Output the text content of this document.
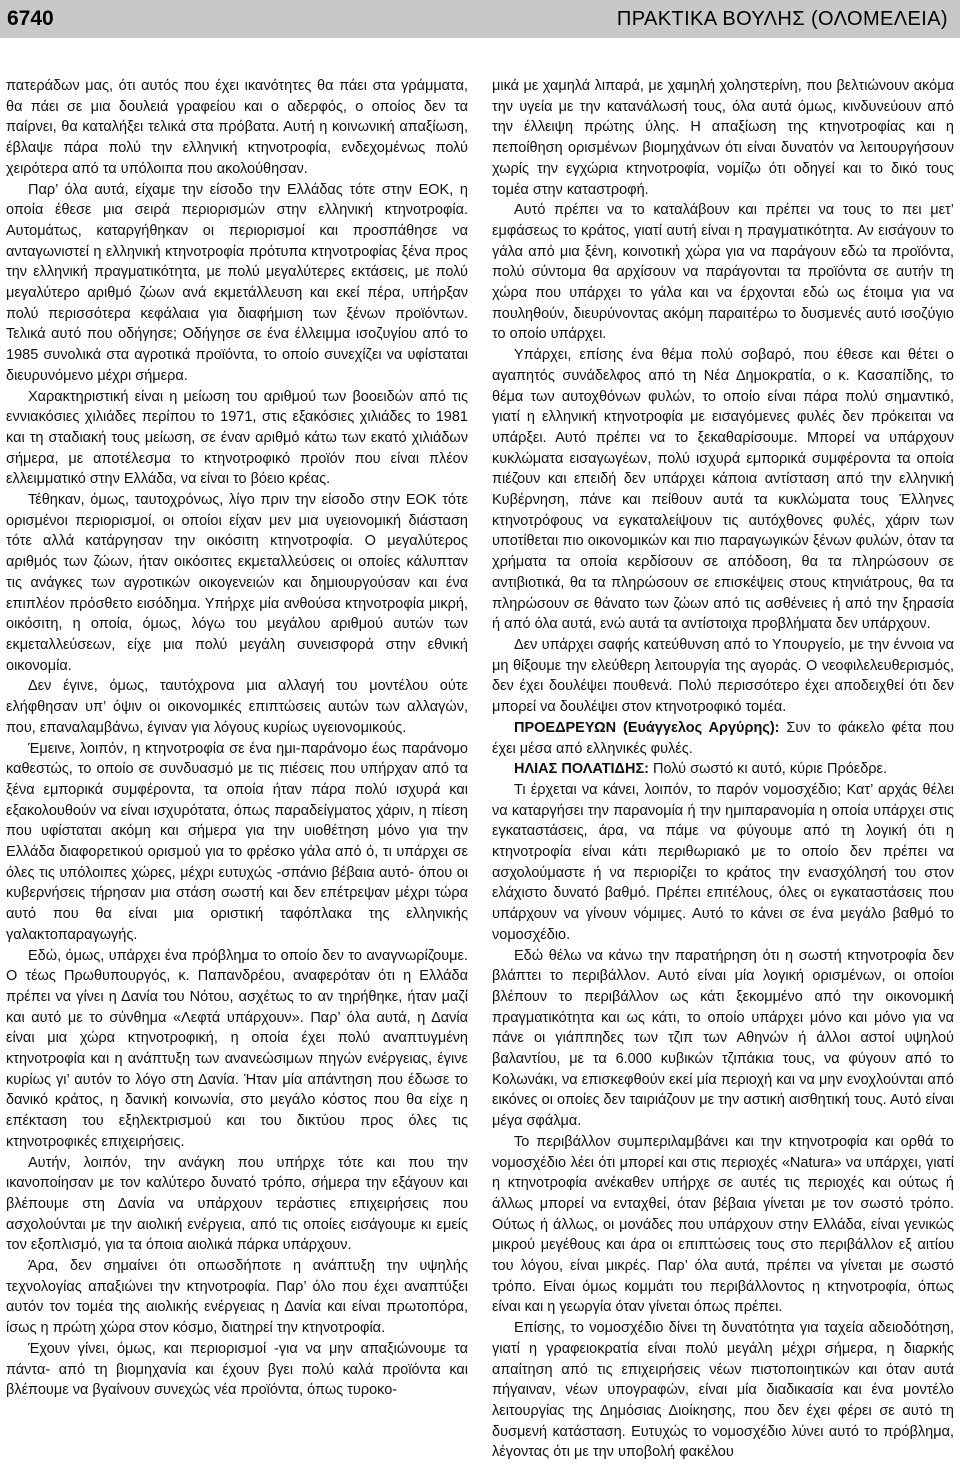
6740	ΠΡΑΚΤΙΚΑ ΒΟΥΛΗΣ (ΟΛΟΜΕΛΕΙΑ)

πατεράδων μας, ότι αυτός που έχει ικανότητες θα πάει στα γράμματα, θα πάει σε μια δουλειά γραφείου και ο αδερφός, ο οποίος δεν τα παίρνει, θα καταλήξει τελικά στα πρόβατα. Αυτή η κοινωνική απαξίωση, έβλαψε πάρα πολύ την ελληνική κτηνοτροφία, ενδεχομένως πολύ χειρότερα από τα υπόλοιπα που ακολούθησαν.

Παρ’ όλα αυτά, είχαμε την είσοδο την Ελλάδας τότε στην ΕΟΚ, η οποία έθεσε μια σειρά περιορισμών στην ελληνική κτηνοτροφία. Αυτομάτως, καταργήθηκαν οι περιορισμοί και προσπάθησε να ανταγωνιστεί η ελληνική κτηνοτροφία πρότυπα κτηνοτροφίας ξένα προς την ελληνική πραγματικότητα, με πολύ μεγαλύτερες εκτάσεις, με πολύ μεγαλύτερο αριθμό ζώων ανά εκμετάλλευση και εκεί πέρα, υπήρξαν πολύ περισσότερα κεφάλαια για διαφήμιση των ξένων προϊόντων. Τελικά αυτό που οδήγησε; Οδήγησε σε ένα έλλειμμα ισοζυγίου από το 1985 συνολικά στα αγροτικά προϊόντα, το οποίο συνεχίζει να υφίσταται διευρυνόμενο μέχρι σήμερα.

Χαρακτηριστική είναι η μείωση του αριθμού των βοοειδών από τις εννιακόσιες χιλιάδες περίπου το 1971, στις εξακόσιες χιλιάδες το 1981 και τη σταδιακή τους μείωση, σε έναν αριθμό κάτω των εκατό χιλιάδων σήμερα, με αποτέλεσμα το κτηνοτροφικό προϊόν που είναι πλέον ελλειμματικό στην Ελλάδα, να είναι το βόειο κρέας.

Τέθηκαν, όμως, ταυτοχρόνως, λίγο πριν την είσοδο στην ΕΟΚ τότε ορισμένοι περιορισμοί, οι οποίοι είχαν μεν μια υγειονομική διάσταση τότε αλλά κατάργησαν την οικόσιτη κτηνοτροφία. Ο μεγαλύτερος αριθμός των ζώων, ήταν οικόσιτες εκμεταλλεύσεις οι οποίες κάλυπταν τις ανάγκες των αγροτικών οικογενειών και δημιουργούσαν και ένα επιπλέον πρόσθετο εισόδημα. Υπήρχε μία ανθούσα κτηνοτροφία μικρή, οικόσιτη, η οποία, όμως, λόγω του μεγάλου αριθμού αυτών των εκμεταλλεύσεων, είχε μια πολύ μεγάλη συνεισφορά στην εθνική οικονομία.

Δεν έγινε, όμως, ταυτόχρονα μια αλλαγή του μοντέλου ούτε ελήφθησαν υπ’ όψιν οι οικονομικές επιπτώσεις αυτών των αλλαγών, που, επαναλαμβάνω, έγιναν για λόγους κυρίως υγειονομικούς.

Έμεινε, λοιπόν, η κτηνοτροφία σε ένα ημι-παράνομο έως παράνομο καθεστώς, το οποίο σε συνδυασμό με τις πιέσεις που υπήρχαν από τα ξένα εμπορικά συμφέροντα, τα οποία ήταν πάρα πολύ ισχυρά και εξακολουθούν να είναι ισχυρότατα, όπως παραδείγματος χάριν, η πίεση που υφίσταται ακόμη και σήμερα για την υιοθέτηση μόνο για την Ελλάδα διαφορετικού ορισμού για το φρέσκο γάλα από ό, τι υπάρχει σε όλες τις υπόλοιπες χώρες, μέχρι ευτυχώς -σπάνιο βέβαια αυτό- όπου οι κυβερνήσεις τήρησαν μια στάση σωστή και δεν επέτρεψαν μέχρι τώρα αυτό που θα είναι μια οριστική ταφόπλακα της ελληνικής γαλακτοπαραγωγής.

Εδώ, όμως, υπάρχει ένα πρόβλημα το οποίο δεν το αναγνωρίζουμε. Ο τέως Πρωθυπουργός, κ. Παπανδρέου, αναφερόταν ότι η Ελλάδα πρέπει να γίνει η Δανία του Νότου, ασχέτως το αν τηρήθηκε, ήταν μαζί και αυτό με το σύνθημα «Λεφτά υπάρχουν». Παρ’ όλα αυτά, η Δανία είναι μια χώρα κτηνοτροφική, η οποία έχει πολύ αναπτυγμένη κτηνοτροφία και η ανάπτυξη των ανανεώσιμων πηγών ενέργειας, έγινε κυρίως γι’ αυτόν το λόγο στη Δανία. Ήταν μία απάντηση που έδωσε το δανικό κράτος, η δανική κοινωνία, στο μεγάλο κόστος που θα είχε η επέκταση του εξηλεκτρισμού και του δικτύου προς όλες τις κτηνοτροφικές επιχειρήσεις.

Αυτήν, λοιπόν, την ανάγκη που υπήρχε τότε και που την ικανοποίησαν με τον καλύτερο δυνατό τρόπο, σήμερα την εξάγουν και βλέπουμε στη Δανία να υπάρχουν τεράστιες επιχειρήσεις που ασχολούνται με την αιολική ενέργεια, από τις οποίες εισάγουμε κι εμείς τον εξοπλισμό, για τα όποια αιολικά πάρκα υπάρχουν.

Άρα, δεν σημαίνει ότι οπωσδήποτε η ανάπτυξη την υψηλής τεχνολογίας απαξιώνει την κτηνοτροφία. Παρ’ όλο που έχει αναπτύξει αυτόν τον τομέα της αιολικής ενέργειας η Δανία και είναι πρωτοπόρα, ίσως η πρώτη χώρα στον κόσμο, διατηρεί την κτηνοτροφία.

Έχουν γίνει, όμως, και περιορισμοί -για να μην απαξιώνουμε τα πάντα- από τη βιομηχανία και έχουν βγει πολύ καλά προϊόντα και βλέπουμε να βγαίνουν συνεχώς νέα προϊόντα, όπως τυροκο-

μικά με χαμηλά λιπαρά, με χαμηλή χοληστερίνη, που βελτιώνουν ακόμα την υγεία με την κατανάλωσή τους, όλα αυτά όμως, κινδυνεύουν από την έλλειψη πρώτης ύλης. Η απαξίωση της κτηνοτροφίας και η πεποίθηση ορισμένων βιομηχάνων ότι είναι δυνατόν να λειτουργήσουν χωρίς την εγχώρια κτηνοτροφία, νομίζω ότι οδηγεί και το δικό τους τομέα στην καταστροφή.

Αυτό πρέπει να το καταλάβουν και πρέπει να τους το πει μετ’ εμφάσεως το κράτος, γιατί αυτή είναι η πραγματικότητα. Αν εισάγουν το γάλα από μια ξένη, κοινοτική χώρα για να παράγουν εδώ τα προϊόντα, πολύ σύντομα θα αρχίσουν να παράγονται τα προϊόντα σε αυτήν τη χώρα που υπάρχει το γάλα και να έρχονται εδώ ως έτοιμα για να πουληθούν, διευρύνοντας ακόμη παραιτέρω το δυσμενές αυτό ισοζύγιο το οποίο υπάρχει.

Υπάρχει, επίσης ένα θέμα πολύ σοβαρό, που έθεσε και θέτει ο αγαπητός συνάδελφος από τη Νέα Δημοκρατία, ο κ. Κασαπίδης, το θέμα των αυτοχθόνων φυλών, το οποίο είναι πάρα πολύ σημαντικό, γιατί η ελληνική κτηνοτροφία με εισαγόμενες φυλές δεν πρόκειται να υπάρξει. Αυτό πρέπει να το ξεκαθαρίσουμε. Μπορεί να υπάρχουν κυκλώματα εισαγωγέων, πολύ ισχυρά εμπορικά συμφέροντα τα οποία πιέζουν και επειδή δεν υπάρχει κάποια αντίσταση από την ελληνική Κυβέρνηση, πάνε και πείθουν αυτά τα κυκλώματα τους Έλληνες κτηνοτρόφους να εγκαταλείψουν τις αυτόχθονες φυλές, χάριν των υποτίθεται πιο οικονομικών και πιο παραγωγικών ξένων φυλών, όταν τα χρήματα τα οποία κερδίσουν σε απόδοση, θα τα πληρώσουν σε αντιβιοτικά, θα τα πληρώσουν σε επισκέψεις στους κτηνιάτρους, θα τα πληρώσουν σε θάνατο των ζώων από τις ασθένειες ή από την ξηρασία ή από όλα αυτά, ενώ αυτά τα αντίστοιχα προβλήματα δεν υπάρχουν.

Δεν υπάρχει σαφής κατεύθυνση από το Υπουργείο, με την έννοια να μη θίξουμε την ελεύθερη λειτουργία της αγοράς. Ο νεοφιλελευθερισμός, δεν έχει δουλέψει πουθενά. Πολύ περισσότερο έχει αποδειχθεί ότι δεν μπορεί να δουλέψει στον κτηνοτροφικό τομέα.

ΠΡΟΕΔΡΕΥΩΝ (Ευάγγελος Αργύρης): Συν το φάκελο φέτα που έχει μέσα από ελληνικές φυλές.

ΗΛΙΑΣ ΠΟΛΑΤΙΔΗΣ: Πολύ σωστό κι αυτό, κύριε Πρόεδρε.

Τι έρχεται να κάνει, λοιπόν, το παρόν νομοσχέδιο; Κατ’ αρχάς θέλει να καταργήσει την παρανομία ή την ημιπαρανομία η οποία υπάρχει στις εγκαταστάσεις, άρα, να πάμε να φύγουμε από τη λογική ότι η κτηνοτροφία είναι κάτι περιθωριακό με το οποίο δεν πρέπει να ασχολούμαστε ή να περιορίζει το κράτος την ενασχόλησή του στον ελάχιστο δυνατό βαθμό. Πρέπει επιτέλους, όλες οι εγκαταστάσεις που υπάρχουν να γίνουν νόμιμες. Αυτό το κάνει σε ένα μεγάλο βαθμό το νομοσχέδιο.

Εδώ θέλω να κάνω την παρατήρηση ότι η σωστή κτηνοτροφία δεν βλάπτει το περιβάλλον. Αυτό είναι μία λογική ορισμένων, οι οποίοι βλέπουν το περιβάλλον ως κάτι ξεκομμένο από την οικονομική πραγματικότητα και ως κάτι, το οποίο υπάρχει μόνο και μόνο για να πάνε οι γιάππηδες των τζιπ των Αθηνών ή άλλοι αστοί υψηλού βαλαντίου, με τα 6.000 κυβικών τζιπάκια τους, να φύγουν από το Κολωνάκι, να επισκεφθούν εκεί μία περιοχή και να μην ενοχλούνται από εικόνες οι οποίες δεν ταιριάζουν με την αστική αισθητική τους. Αυτό είναι μέγα σφάλμα.

Το περιβάλλον συμπεριλαμβάνει και την κτηνοτροφία και ορθά το νομοσχέδιο λέει ότι μπορεί και στις περιοχές «Natura» να υπάρχει, γιατί η κτηνοτροφία ανέκαθεν υπήρχε σε αυτές τις περιοχές και ούτως ή άλλως μπορεί να ενταχθεί, όταν βέβαια γίνεται με τον σωστό τρόπο. Ούτως ή άλλως, οι μονάδες που υπάρχουν στην Ελλάδα, είναι γενικώς μικρού μεγέθους και άρα οι επιπτώσεις τους στο περιβάλλον εξ αιτίου του λόγου, είναι μικρές. Παρ’ όλα αυτά, πρέπει να γίνεται με σωστό τρόπο. Είναι όμως κομμάτι του περιβάλλοντος η κτηνοτροφία, όπως είναι και η γεωργία όταν γίνεται όπως πρέπει.

Επίσης, το νομοσχέδιο δίνει τη δυνατότητα για ταχεία αδειοδότηση, γιατί η γραφειοκρατία είναι πολύ μεγάλη μέχρι σήμερα, η διαρκής απαίτηση από τις επιχειρήσεις νέων πιστοποιητικών και όταν αυτά πήγαιναν, νέων υπογραφών, είναι μία διαδικασία και ένα μοντέλο λειτουργίας της Δημόσιας Διοίκησης, που δεν έχει φέρει σε αυτό τη δυσμενή κατάσταση. Ευτυχώς το νομοσχέδιο λύνει αυτό το πρόβλημα, λέγοντας ότι με την υποβολή φακέλου
